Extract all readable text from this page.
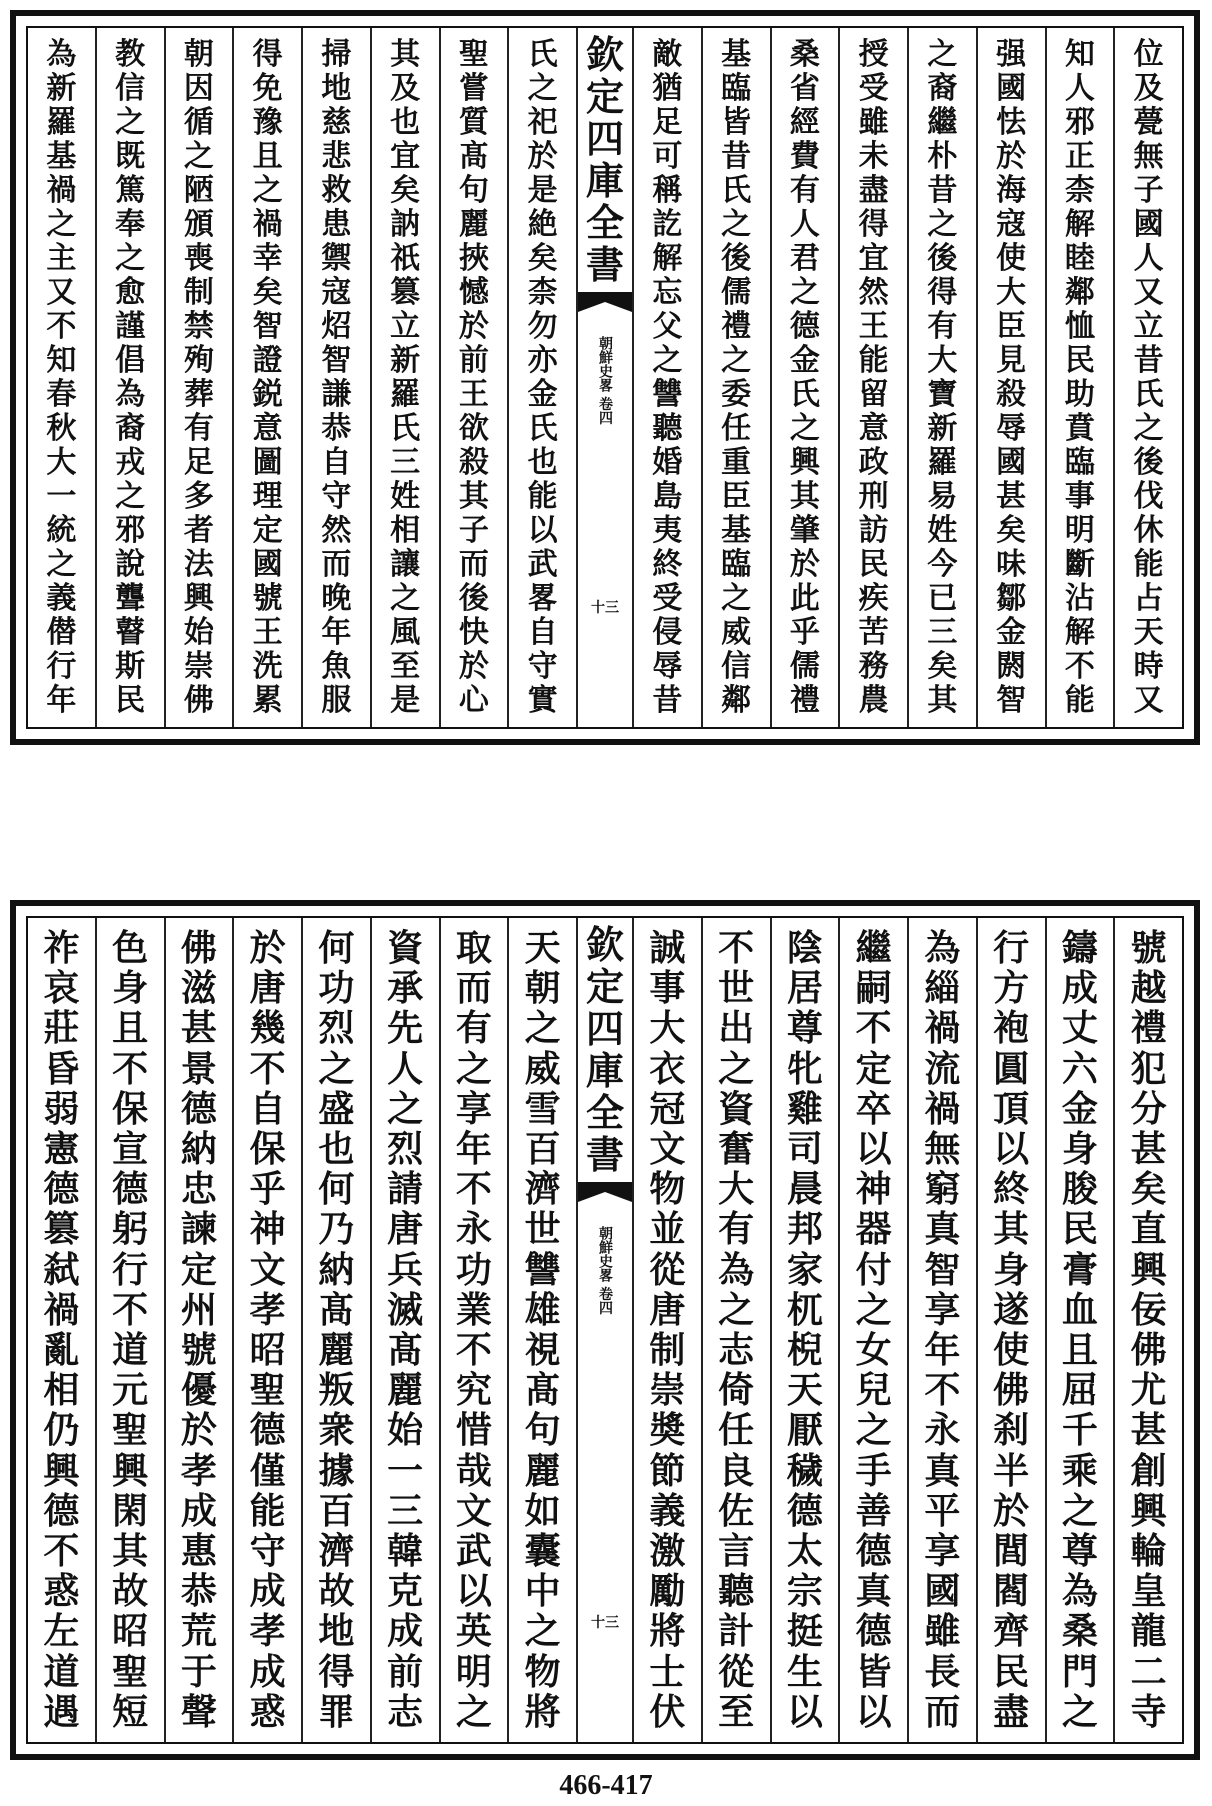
位
及
甍
無
子
國
人
又
立
昔
氏
之
後
伐
休
能
占
天
時
又
知
人
邪
正
柰
解
睦
鄰
恤
民
助
賁
臨
事
明
斷
沾
解
不
能
强
國
怯
於
海
寇
使
大
臣
見
殺
辱
國
甚
矣
味
鄒
金
閼
智
之
裔
繼
朴
昔
之
後
得
有
大
寶
新
羅
易
姓
今
已
三
矣
其
授
受
雖
未
盡
得
宜
然
王
能
留
意
政
刑
訪
民
疾
苦
務
農
桑
省
經
費
有
人
君
之
德
金
氏
之
興
其
肇
於
此
乎
儒
禮
基
臨
皆
昔
氏
之
後
儒
禮
之
委
任
重
臣
基
臨
之
威
信
鄰
敵
猶
足
可
稱
訖
解
忘
父
之
讐
聽
婚
島
夷
終
受
侵
辱
昔
欽
定
四
庫
全
書
朝鮮史畧 卷四
十三
氏
之
祀
於
是
絶
矣
柰
勿
亦
金
氏
也
能
以
武
畧
自
守
實
聖
嘗
質
髙
句
麗
挾
憾
於
前
王
欲
殺
其
子
而
後
快
於
心
其
及
也
宜
矣
訥
祇
篡
立
新
羅
氏
三
姓
相
讓
之
風
至
是
掃
地
慈
悲
救
患
禦
寇
炤
智
謙
恭
自
守
然
而
晚
年
魚
服
得
免
豫
且
之
禍
幸
矣
智
證
鋭
意
圖
理
定
國
號
王
洗
累
朝
因
循
之
陋
頒
喪
制
禁
殉
葬
有
足
多
者
法
興
始
崇
佛
教
信
之
既
篤
奉
之
愈
謹
倡
為
裔
戎
之
邪
說
聾
瞽
斯
民
為
新
羅
基
禍
之
主
又
不
知
春
秋
大
一
統
之
義
僣
行
年
號
越
禮
犯
分
甚
矣
直
興
佞
佛
尤
甚
創
興
輪
皇
龍
二
寺
鑄
成
丈
六
金
身
朘
民
膏
血
且
屈
千
乘
之
尊
為
桑
門
之
行
方
袍
圓
頂
以
終
其
身
遂
使
佛
刹
半
於
閭
閻
齊
民
盡
為
緇
禍
流
禍
無
窮
真
智
享
年
不
永
真
平
享
國
雖
長
而
繼
嗣
不
定
卒
以
神
器
付
之
女
兒
之
手
善
德
真
德
皆
以
陰
居
尊
牝
雞
司
晨
邦
家
杌
棿
天
厭
穢
德
太
宗
挺
生
以
不
世
出
之
資
奮
大
有
為
之
志
倚
任
良
佐
言
聽
計
從
至
誠
事
大
衣
冠
文
物
並
從
唐
制
崇
奬
節
義
激
勵
將
士
伏
欽
定
四
庫
全
書
朝鮮史畧 卷四
十三
天
朝
之
威
雪
百
濟
世
讐
雄
視
髙
句
麗
如
囊
中
之
物
將
取
而
有
之
享
年
不
永
功
業
不
究
惜
哉
文
武
以
英
明
之
資
承
先
人
之
烈
請
唐
兵
滅
髙
麗
始
一
三
韓
克
成
前
志
何
功
烈
之
盛
也
何
乃
納
髙
麗
叛
衆
據
百
濟
故
地
得
罪
於
唐
幾
不
自
保
乎
神
文
孝
昭
聖
德
僅
能
守
成
孝
成
惑
佛
滋
甚
景
德
納
忠
諫
定
州
號
優
於
孝
成
惠
恭
荒
于
聲
色
身
且
不
保
宣
德
躬
行
不
道
元
聖
興
閑
其
故
昭
聖
短
祚
哀
莊
昏
弱
憲
德
篡
弑
禍
亂
相
仍
興
德
不
惑
左
道
遇
466-417
